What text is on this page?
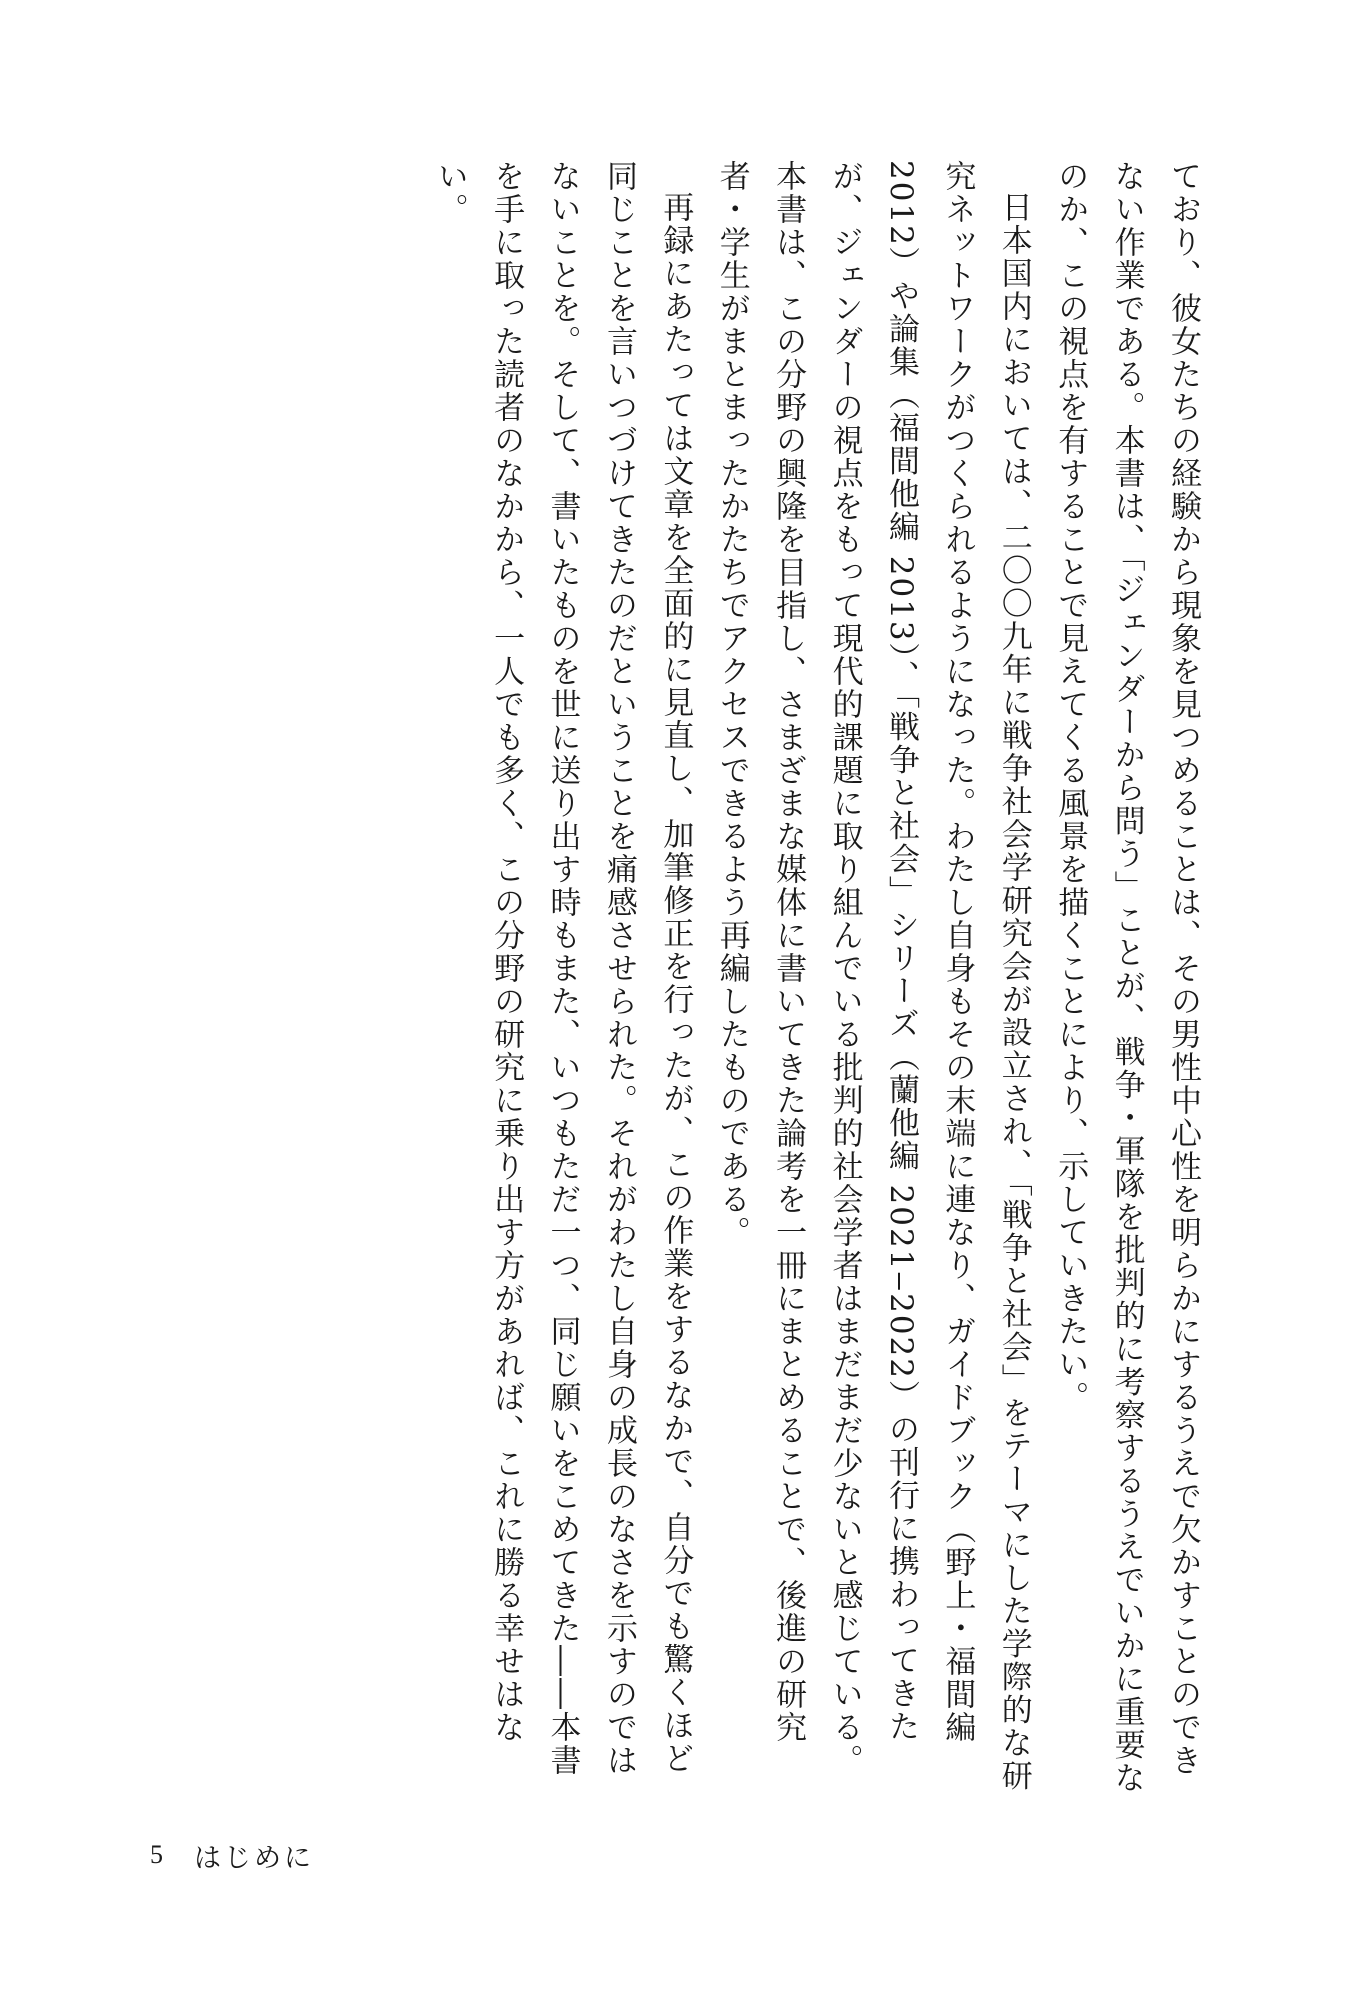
ており、彼女たちの経験から現象を見つめることは、その男性中心性を明らかにするうえで欠かすことのできない作業である。本書は、「ジェンダーから問う」ことが、戦争・軍隊を批判的に考察するうえでいかに重要なのか、この視点を有することで見えてくる風景を描くことにより、示していきたい。

日本国内においては、二〇〇九年に戦争社会学研究会が設立され、「戦争と社会」をテーマにした学際的な研究ネットワークがつくられるようになった。わたし自身もその末端に連なり、ガイドブック（野上・福間編 2012）や論集（福間他編 2013）、「戦争と社会」シリーズ（蘭他編 2021‒2022）の刊行に携わってきたが、ジェンダーの視点をもって現代的課題に取り組んでいる批判的社会学者はまだまだ少ないと感じている。本書は、この分野の興隆を目指し、さまざまな媒体に書いてきた論考を一冊にまとめることで、後進の研究者・学生がまとまったかたちでアクセスできるよう再編したものである。

再録にあたっては文章を全面的に見直し、加筆修正を行ったが、この作業をするなかで、自分でも驚くほど同じことを言いつづけてきたのだということを痛感させられた。それがわたし自身の成長のなさを示すのではないことを。そして、書いたものを世に送り出す時もまた、いつもただ一つ、同じ願いをこめてきた――本書を手に取った読者のなかから、一人でも多く、この分野の研究に乗り出す方があれば、これに勝る幸せはない。

5 はじめに
